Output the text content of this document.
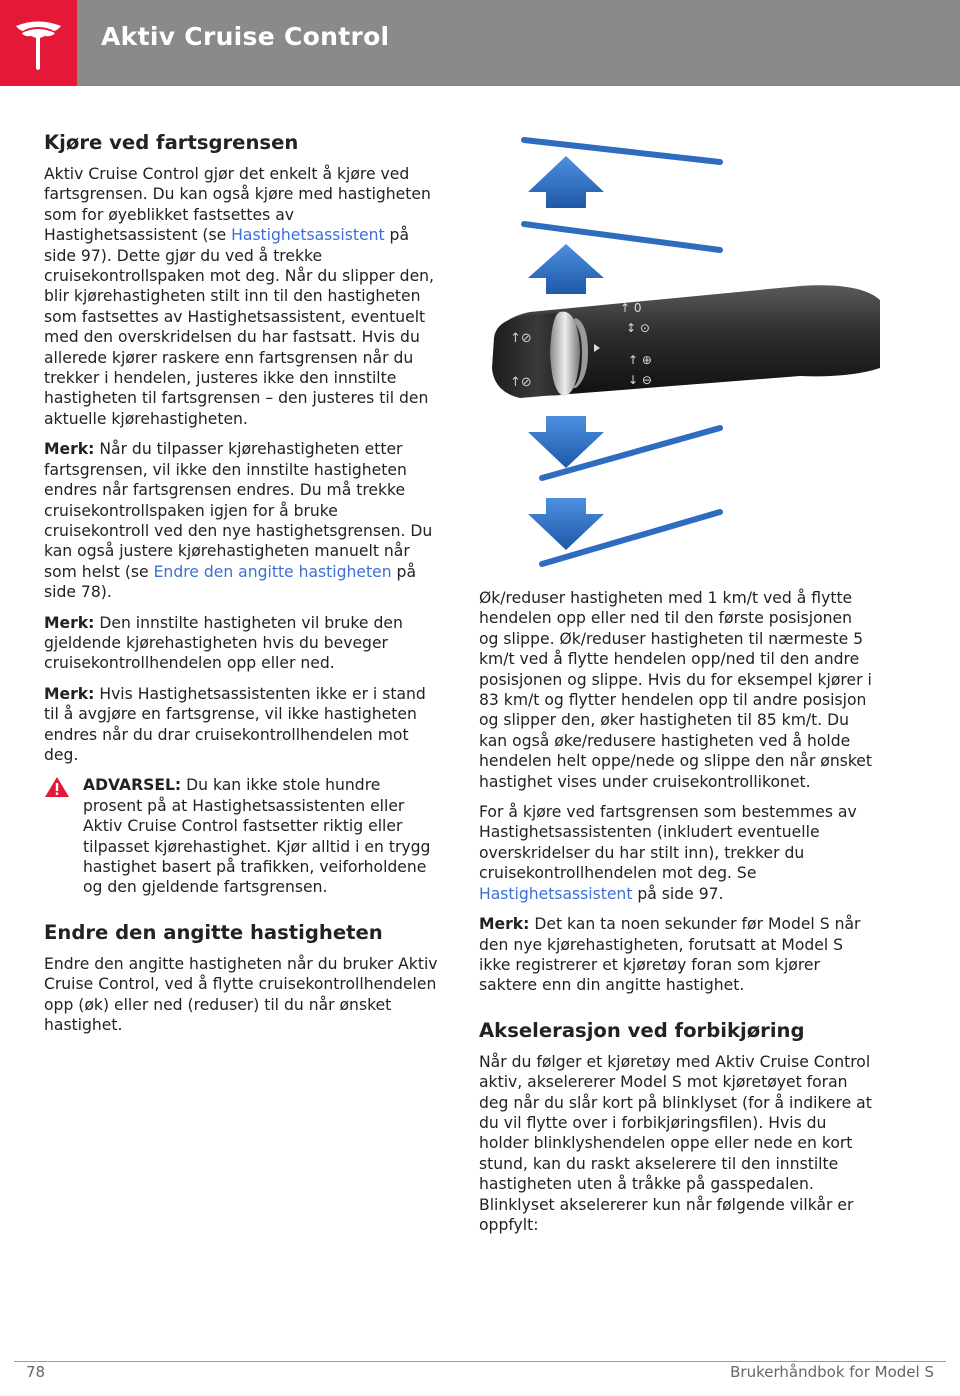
Aktiv Cruise Control
Kjøre ved fartsgrensen

Aktiv Cruise Control gjør det enkelt å kjøre ved fartsgrensen. Du kan også kjøre med hastigheten som for øyeblikket fastsettes av Hastighetsassistent (se Hastighetsassistent på side 97). Dette gjør du ved å trekke cruisekontrollspaken mot deg. Når du slipper den, blir kjørehastigheten stilt inn til den hastigheten som fastsettes av Hastighetsassistent, eventuelt med den overskridelsen du har fastsatt. Hvis du allerede kjører raskere enn fartsgrensen når du trekker i hendelen, justeres ikke den innstilte hastigheten til fartsgrensen – den justeres til den aktuelle kjørehastigheten.

Merk: Når du tilpasser kjørehastigheten etter fartsgrensen, vil ikke den innstilte hastigheten endres når fartsgrensen endres. Du må trekke cruisekontrollspaken igjen for å bruke cruisekontroll ved den nye hastighetsgrensen. Du kan også justere kjørehastigheten manuelt når som helst (se Endre den angitte hastigheten på side 78).

Merk: Den innstilte hastigheten vil bruke den gjeldende kjørehastigheten hvis du beveger cruisekontrollhendelen opp eller ned.

Merk: Hvis Hastighetsassistenten ikke er i stand til å avgjøre en fartsgrense, vil ikke hastigheten endres når du drar cruisekontrollhendelen mot deg.

ADVARSEL: Du kan ikke stole hundre prosent på at Hastighetsassistenten eller Aktiv Cruise Control fastsetter riktig eller tilpasset kjørehastighet. Kjør alltid i en trygg hastighet basert på trafikken, veiforholdene og den gjeldende fartsgrensen.
Endre den angitte hastigheten

Endre den angitte hastigheten når du bruker Aktiv Cruise Control, ved å flytte cruisekontrollhendelen opp (øk) eller ned (reduser) til du når ønsket hastighet.

↑⊘
↑⊘
↑ 0
↕ ⊙
↑ ⊕
↓ ⊖

Øk/reduser hastigheten med 1 km/t ved å flytte hendelen opp eller ned til den første posisjonen og slippe. Øk/reduser hastigheten til nærmeste 5 km/t ved å flytte hendelen opp/ned til den andre posisjonen og slippe. Hvis du for eksempel kjører i 83 km/t og flytter hendelen opp til andre posisjon og slipper den, øker hastigheten til 85 km/t. Du kan også øke/redusere hastigheten ved å holde hendelen helt oppe/nede og slippe den når ønsket hastighet vises under cruisekontrollikonet.

For å kjøre ved fartsgrensen som bestemmes av Hastighetsassistenten (inkludert eventuelle overskridelser du har stilt inn), trekker du cruisekontrollhendelen mot deg. Se Hastighetsassistent på side 97.

Merk: Det kan ta noen sekunder før Model S når den nye kjørehastigheten, forutsatt at Model S ikke registrerer et kjøretøy foran som kjører saktere enn din angitte hastighet.

Akselerasjon ved forbikjøring

Når du følger et kjøretøy med Aktiv Cruise Control aktiv, akselererer Model S mot kjøretøyet foran deg når du slår kort på blinklyset (for å indikere at du vil flytte over i forbikjøringsfilen). Hvis du holder blinklyshendelen oppe eller nede en kort stund, kan du raskt akselerere til den innstilte hastigheten uten å tråkke på gasspedalen. Blinklyset akselererer kun når følgende vilkår er oppfylt:

78	Brukerhåndbok for Model S
